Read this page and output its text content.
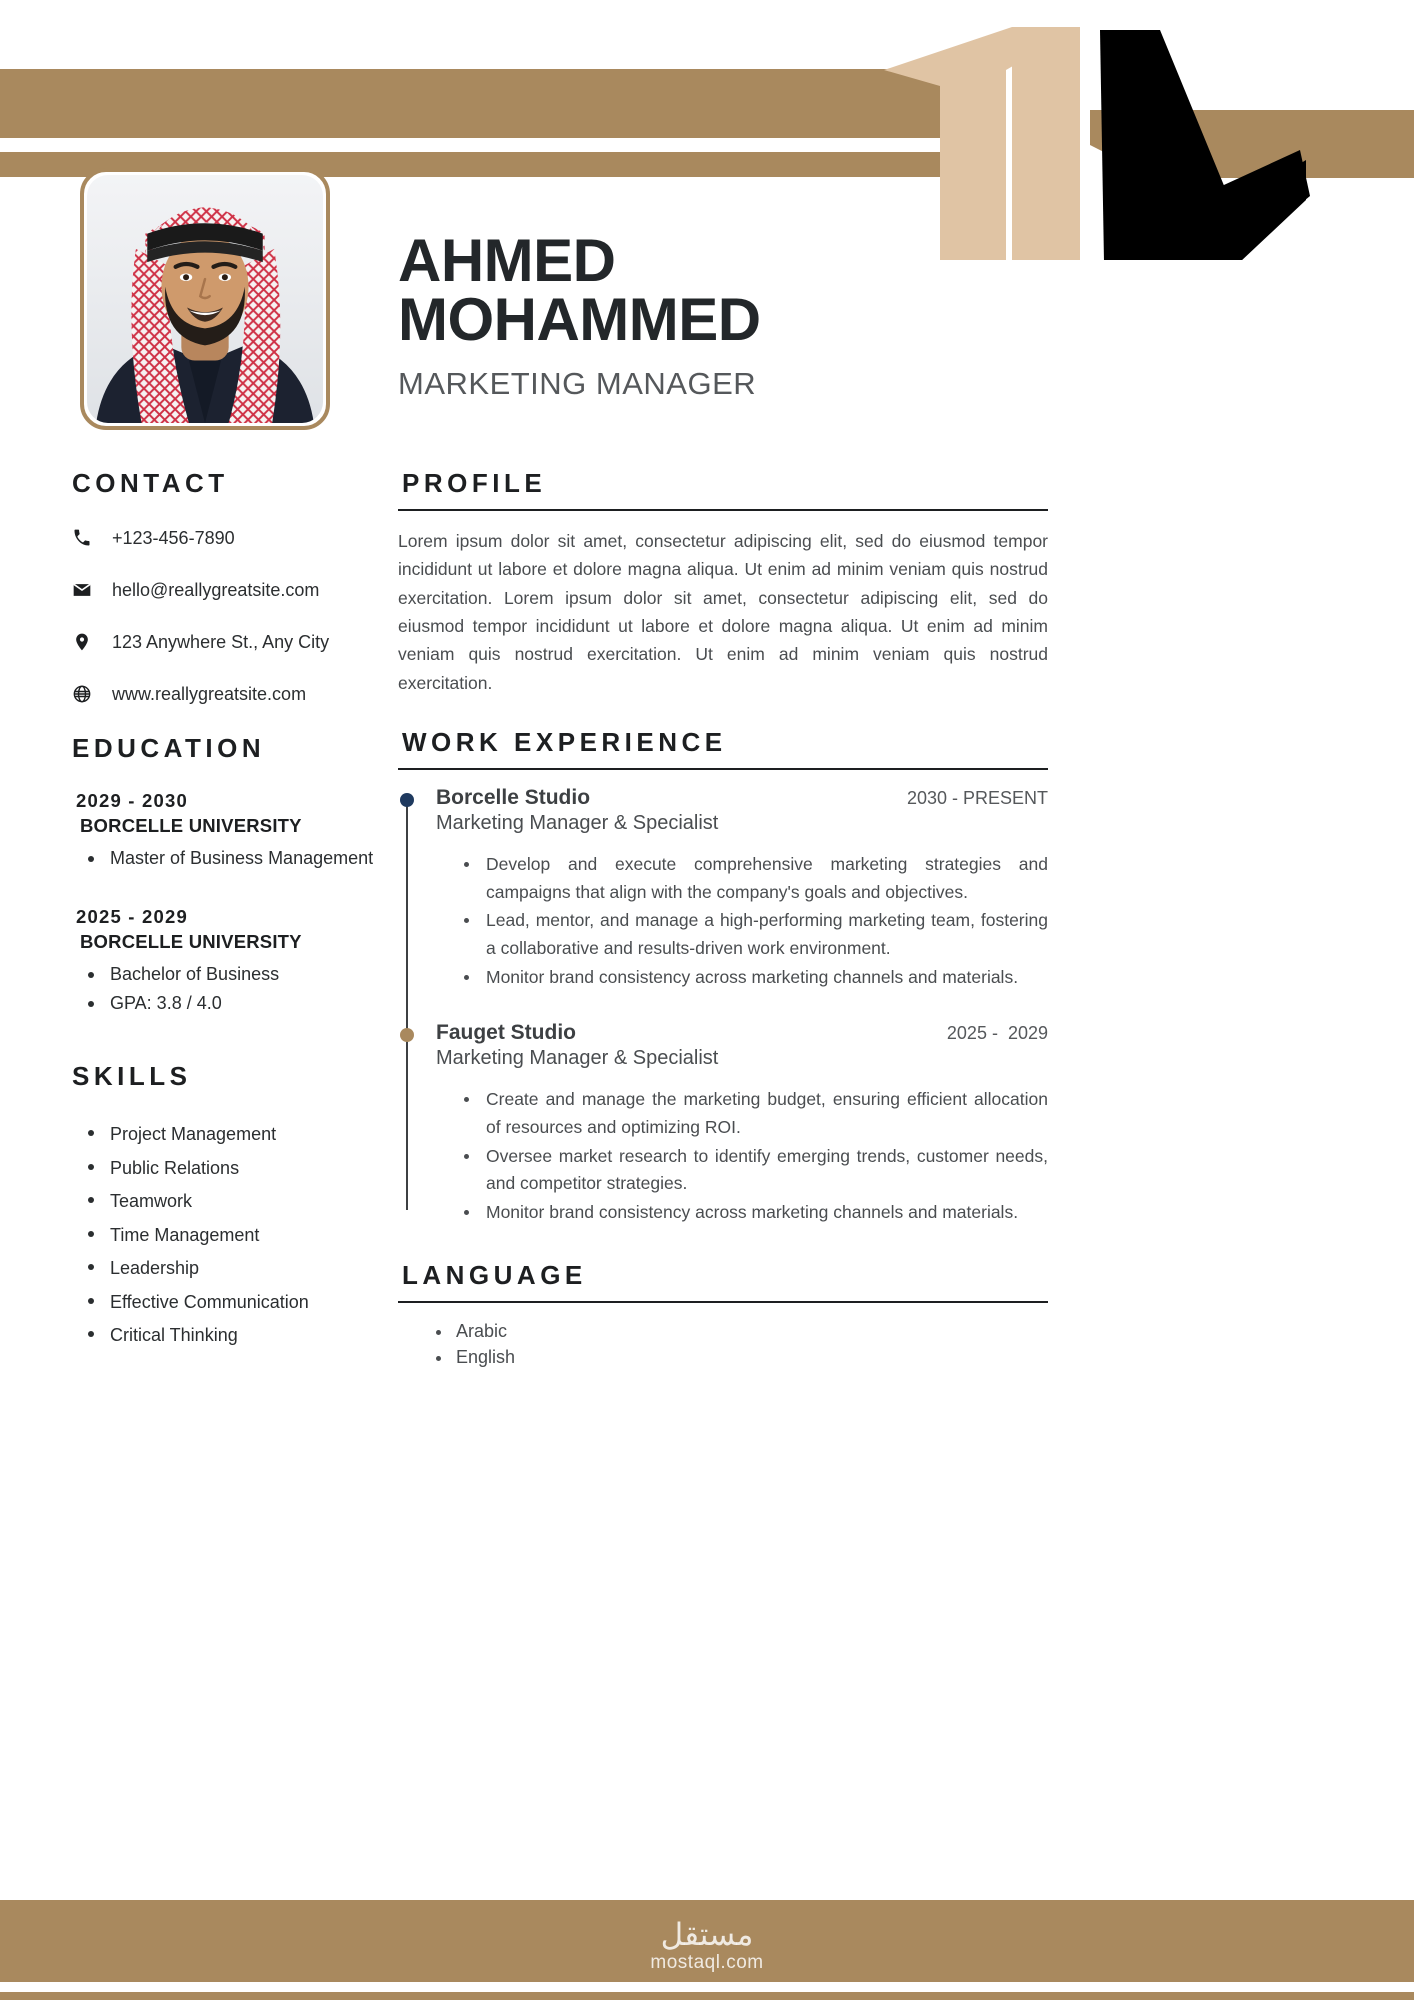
AHMED
MOHAMMED
MARKETING MANAGER
CONTACT
+123-456-7890
hello@reallygreatsite.com
123 Anywhere St., Any City
www.reallygreatsite.com
EDUCATION
2029 - 2030
BORCELLE UNIVERSITY
Master of Business Management
2025 - 2029
BORCELLE UNIVERSITY
Bachelor of Business
GPA: 3.8 / 4.0
SKILLS
Project Management
Public Relations
Teamwork
Time Management
Leadership
Effective Communication
Critical Thinking
PROFILE

Lorem ipsum dolor sit amet, consectetur adipiscing elit, sed do eiusmod tempor incididunt ut labore et dolore magna aliqua. Ut enim ad minim veniam quis nostrud exercitation. Lorem ipsum dolor sit amet, consectetur adipiscing elit, sed do eiusmod tempor incididunt ut labore et dolore magna aliqua. Ut enim ad minim veniam quis nostrud exercitation. Ut enim ad minim veniam quis nostrud exercitation.

WORK EXPERIENCE
Borcelle Studio	2030 - PRESENT
Marketing Manager & Specialist
Develop and execute comprehensive marketing strategies and campaigns that align with the company's goals and objectives.
Lead, mentor, and manage a high-performing marketing team, fostering a collaborative and results-driven work environment.
Monitor brand consistency across marketing channels and materials.
Fauget Studio	2025 -  2029
Marketing Manager & Specialist
Create and manage the marketing budget, ensuring efficient allocation of resources and optimizing ROI.
Oversee market research to identify emerging trends, customer needs, and competitor strategies.
Monitor brand consistency across marketing channels and materials.
LANGUAGE
Arabic
English
مستقل
mostaql.com
